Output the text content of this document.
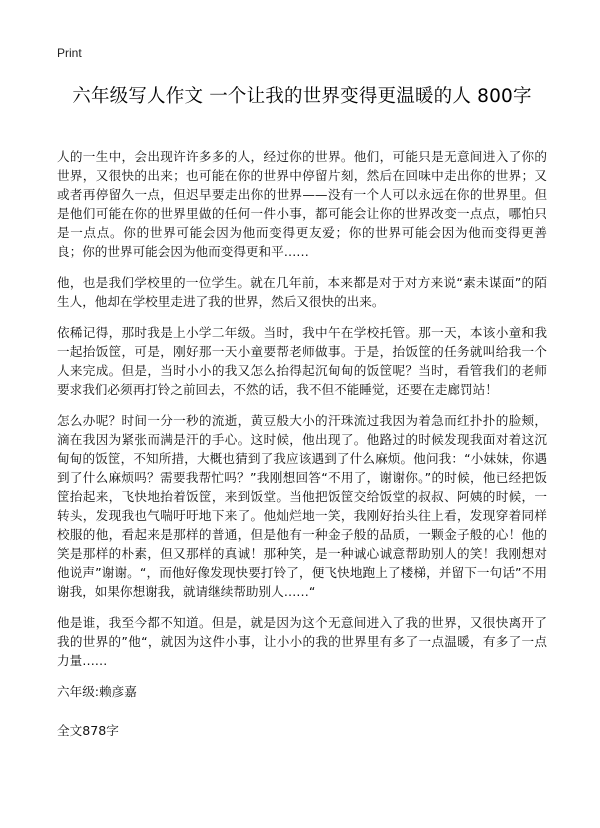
Print
六年级写人作文 一个让我的世界变得更温暖的人 800字

人的一生中，会出现许许多多的人，经过你的世界。他们，可能只是无意间进入了你的世界，又很快的出来；也可能在你的世界中停留片刻，然后在回味中走出你的世界；又或者再停留久一点，但迟早要走出你的世界——没有一个人可以永远在你的世界里。但是他们可能在你的世界里做的任何一件小事，都可能会让你的世界改变一点点，哪怕只是一点点。你的世界可能会因为他而变得更友爱；你的世界可能会因为他而变得更善良；你的世界可能会因为他而变得更和平……

他，也是我们学校里的一位学生。就在几年前，本来都是对于对方来说“素未谋面”的陌生人，他却在学校里走进了我的世界，然后又很快的出来。

依稀记得，那时我是上小学二年级。当时，我中午在学校托管。那一天，本该小童和我一起抬饭筐，可是，刚好那一天小童要帮老师做事。于是，抬饭筐的任务就叫给我一个人来完成。但是，当时小小的我又怎么抬得起沉甸甸的饭筐呢？当时，看管我们的老师要求我们必须再打铃之前回去，不然的话，我不但不能睡觉，还要在走廊罚站！

怎么办呢？时间一分一秒的流逝，黄豆般大小的汗珠流过我因为着急而红扑扑的脸颊，滴在我因为紧张而满是汗的手心。这时候，他出现了。他路过的时候发现我面对着这沉甸甸的饭筐，不知所措，大概也猜到了我应该遇到了什么麻烦。他问我：“小妹妹，你遇到了什么麻烦吗？需要我帮忙吗？”我刚想回答“不用了，谢谢你。”的时候，他已经把饭筐抬起来，飞快地抬着饭筐，来到饭堂。当他把饭筐交给饭堂的叔叔、阿姨的时候，一转头，发现我也气喘吁吁地下来了。他灿烂地一笑，我刚好抬头往上看，发现穿着同样校服的他，看起来是那样的普通，但是他有一种金子般的品质，一颗金子般的心！他的笑是那样的朴素，但又那样的真诚！那种笑，是一种诚心诚意帮助别人的笑！我刚想对他说声”谢谢。“，而他好像发现快要打铃了，便飞快地跑上了楼梯，并留下一句话”不用谢我，如果你想谢我，就请继续帮助别人……“

他是谁，我至今都不知道。但是，就是因为这个无意间进入了我的世界，又很快离开了我的世界的”他“，就因为这件小事，让小小的我的世界里有多了一点温暖，有多了一点力量……

六年级:赖彦嘉

全文878字
